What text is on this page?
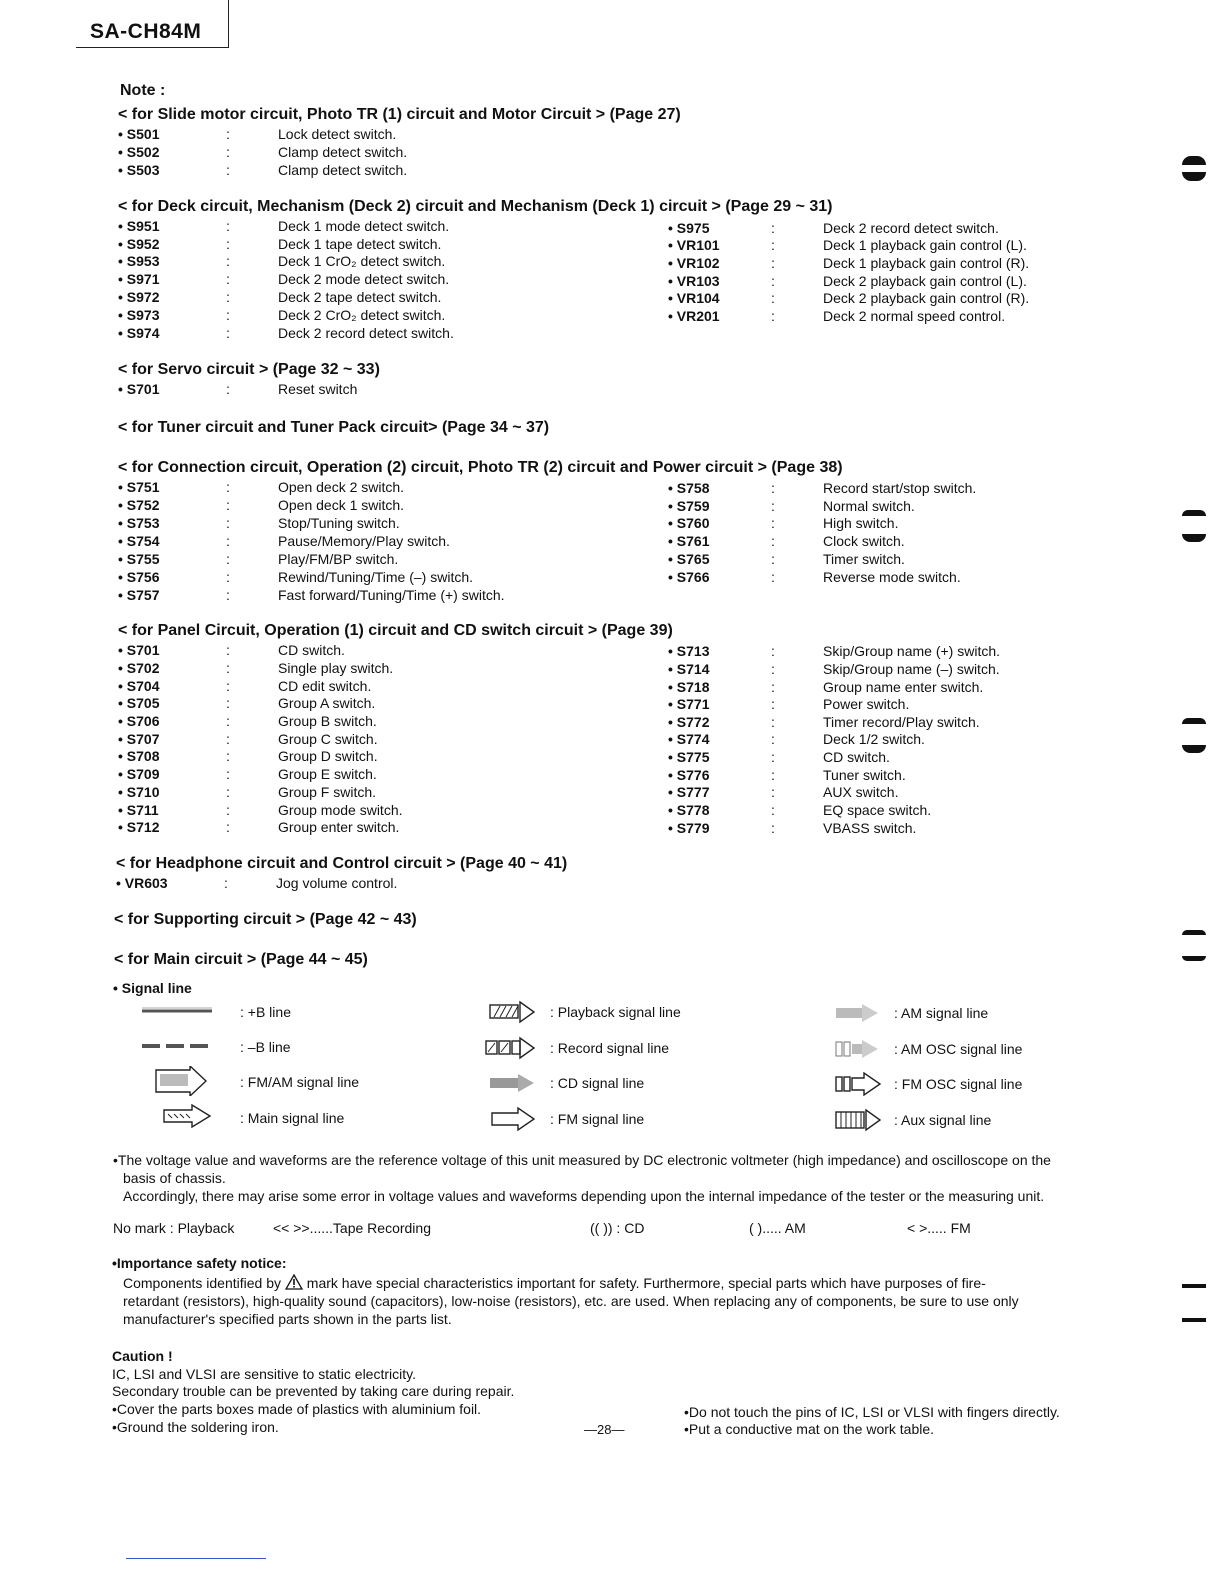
SA-CH84M
Note :
< for Slide motor circuit, Photo TR (1) circuit and Motor Circuit > (Page 27)
• S501	:	Lock detect switch.
• S502	:	Clamp detect switch.
• S503	:	Clamp detect switch.
< for Deck circuit, Mechanism (Deck 2) circuit and Mechanism (Deck 1) circuit > (Page 29 ~ 31)
• S951	:	Deck 1 mode detect switch.
• S952	:	Deck 1 tape detect switch.
• S953	:	Deck 1 CrO₂ detect switch.
• S971	:	Deck 2 mode detect switch.
• S972	:	Deck 2 tape detect switch.
• S973	:	Deck 2 CrO₂ detect switch.
• S974	:	Deck 2 record detect switch.
• S975	:	Deck 2 record detect switch.
• VR101	:	Deck 1 playback gain control (L).
• VR102	:	Deck 1 playback gain control (R).
• VR103	:	Deck 2 playback gain control (L).
• VR104	:	Deck 2 playback gain control (R).
• VR201	:	Deck 2 normal speed control.
< for Servo circuit > (Page 32 ~ 33)
• S701	:	Reset switch
< for Tuner circuit and Tuner Pack circuit> (Page 34 ~ 37)
< for Connection circuit, Operation (2) circuit, Photo TR (2) circuit and Power circuit > (Page 38)
• S751	:	Open deck 2 switch.
• S752	:	Open deck 1 switch.
• S753	:	Stop/Tuning switch.
• S754	:	Pause/Memory/Play switch.
• S755	:	Play/FM/BP switch.
• S756	:	Rewind/Tuning/Time (–) switch.
• S757	:	Fast forward/Tuning/Time (+) switch.
• S758	:	Record start/stop switch.
• S759	:	Normal switch.
• S760	:	High switch.
• S761	:	Clock switch.
• S765	:	Timer switch.
• S766	:	Reverse mode switch.
< for Panel Circuit, Operation (1) circuit and CD switch circuit > (Page 39)
• S701	:	CD switch.
• S702	:	Single play switch.
• S704	:	CD edit switch.
• S705	:	Group A switch.
• S706	:	Group B switch.
• S707	:	Group C switch.
• S708	:	Group D switch.
• S709	:	Group E switch.
• S710	:	Group F switch.
• S711	:	Group mode switch.
• S712	:	Group enter switch.
• S713	:	Skip/Group name (+) switch.
• S714	:	Skip/Group name (–) switch.
• S718	:	Group name enter switch.
• S771	:	Power switch.
• S772	:	Timer record/Play switch.
• S774	:	Deck 1/2 switch.
• S775	:	CD switch.
• S776	:	Tuner switch.
• S777	:	AUX switch.
• S778	:	EQ space switch.
• S779	:	VBASS switch.
< for Headphone circuit and Control circuit > (Page 40 ~ 41)
• VR603	:	Jog volume control.
< for Supporting circuit > (Page 42 ~ 43)
< for Main circuit > (Page 44 ~ 45)
• Signal line
: +B line
: –B line
: FM/AM signal line
: Main signal line
: Playback signal line
: Record signal line
: CD signal line
: FM signal line
: AM signal line
: AM OSC signal line
: FM OSC signal line
: Aux signal line
•The voltage value and waveforms are the reference voltage of this unit measured by DC electronic voltmeter (high impedance) and oscilloscope on the
basis of chassis.
Accordingly, there may arise some error in voltage values and waveforms depending upon the internal impedance of the tester or the measuring unit.
No mark : Playback	<< >>......Tape Recording	(( )) : CD	( )..... AM	< >..... FM
•Importance safety notice:
Components identified by mark have special characteristics important for safety. Furthermore, special parts which have purposes of fire-
retardant (resistors), high-quality sound (capacitors), low-noise (resistors), etc. are used. When replacing any of components, be sure to use only
manufacturer's specified parts shown in the parts list.
Caution !
IC, LSI and VLSI are sensitive to static electricity.
Secondary trouble can be prevented by taking care during repair.
•Cover the parts boxes made of plastics with aluminium foil.
•Ground the soldering iron.
•Do not touch the pins of IC, LSI or VLSI with fingers directly.
•Put a conductive mat on the work table.
—28—
